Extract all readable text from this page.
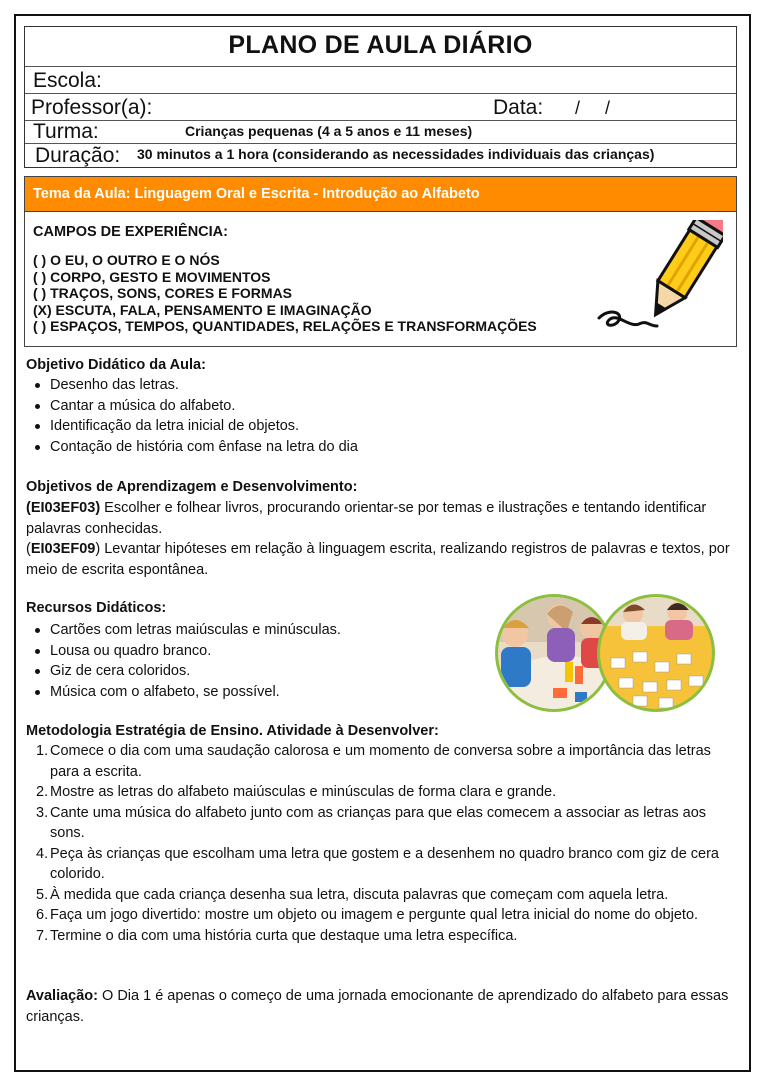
PLANO DE AULA DIÁRIO
Escola:
Professor(a):	Data: /     /
Turma:	Crianças pequenas (4 a 5 anos e 11 meses)
Duração: 30 minutos a 1 hora (considerando as necessidades individuais das crianças)
Tema da Aula: Linguagem Oral e Escrita - Introdução ao Alfabeto
CAMPOS DE EXPERIÊNCIA:
( ) O EU, O OUTRO E O NÓS
( ) CORPO, GESTO E MOVIMENTOS
( ) TRAÇOS, SONS, CORES E FORMAS
(X) ESCUTA, FALA, PENSAMENTO E IMAGINAÇÃO
( ) ESPAÇOS, TEMPOS, QUANTIDADES, RELAÇÕES E TRANSFORMAÇÕES
Objetivo Didático da Aula:
Desenho das letras.
Cantar a música do alfabeto.
Identificação da letra inicial de objetos.
Contação de história com ênfase na letra do dia
Objetivos de Aprendizagem e Desenvolvimento:
(EI03EF03) Escolher e folhear livros, procurando orientar-se por temas e ilustrações e tentando identificar palavras conhecidas.
(EI03EF09) Levantar hipóteses em relação à linguagem escrita, realizando registros de palavras e textos, por meio de escrita espontânea.
Recursos Didáticos:
Cartões com letras maiúsculas e minúsculas.
Lousa ou quadro branco.
Giz de cera coloridos.
Música com o alfabeto, se possível.
Metodologia Estratégia de Ensino. Atividade à Desenvolver:
1. Comece o dia com uma saudação calorosa e um momento de conversa sobre a importância das letras para a escrita.
2. Mostre as letras do alfabeto maiúsculas e minúsculas de forma clara e grande.
3. Cante uma música do alfabeto junto com as crianças para que elas comecem a associar as letras aos sons.
4. Peça às crianças que escolham uma letra que gostem e a desenhem no quadro branco com giz de cera colorido.
5. À medida que cada criança desenha sua letra, discuta palavras que começam com aquela letra.
6. Faça um jogo divertido: mostre um objeto ou imagem e pergunte qual letra inicial do nome do objeto.
7. Termine o dia com uma história curta que destaque uma letra específica.
Avaliação: O Dia 1 é apenas o começo de uma jornada emocionante de aprendizado do alfabeto para essas crianças.
